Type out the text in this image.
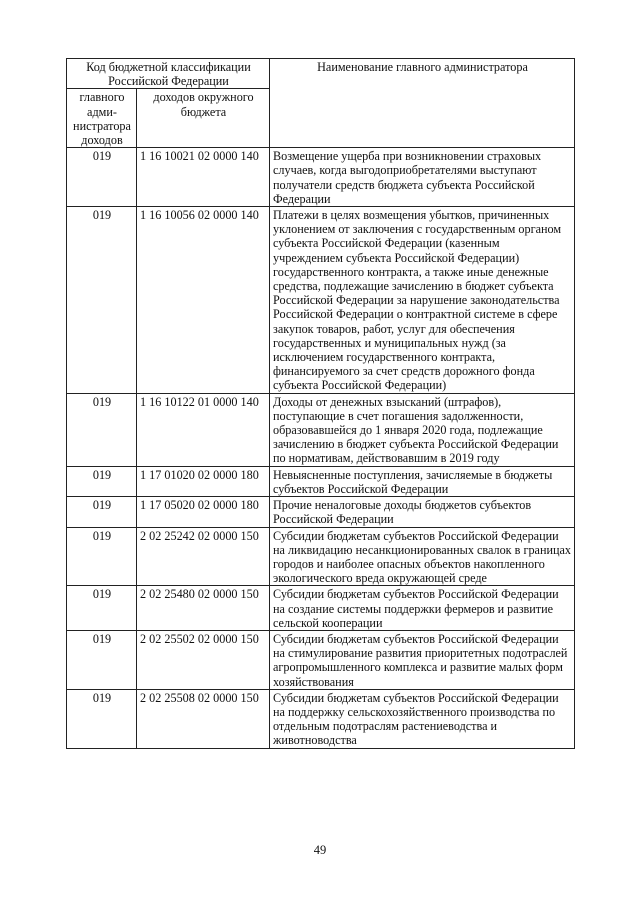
Код бюджетной классификации Российской Федерации		Наименование главного администратора
главного адми-нистратора доходов	доходов окружного бюджета	
019	1 16 10021 02 0000 140	Возмещение ущерба при возникновении страховых случаев, когда выгодоприобретателями выступают получатели средств бюджета субъекта Российской Федерации
019	1 16 10056 02 0000 140	Платежи в целях возмещения убытков, причиненных уклонением от заключения с государственным органом субъекта Российской Федерации (казенным учреждением субъекта Российской Федерации) государственного контракта, а также иные денежные средства, подлежащие зачислению в бюджет субъекта Российской Федерации за нарушение законодательства Российской Федерации о контрактной системе в сфере закупок товаров, работ, услуг для обеспечения государственных и муниципальных нужд (за исключением государственного контракта, финансируемого за счет средств дорожного фонда субъекта Российской Федерации)
019	1 16 10122 01 0000 140	Доходы от денежных взысканий (штрафов), поступающие в счет погашения задолженности, образовавшейся до 1 января 2020 года, подлежащие зачислению в бюджет субъекта Российской Федерации по нормативам, действовавшим в 2019 году
019	1 17 01020 02 0000 180	Невыясненные поступления, зачисляемые в бюджеты субъектов Российской Федерации
019	1 17 05020 02 0000 180	Прочие неналоговые доходы бюджетов субъектов Российской Федерации
019	2 02 25242 02 0000 150	Субсидии бюджетам субъектов Российской Федерации на ликвидацию несанкционированных свалок в границах городов и наиболее опасных объектов накопленного экологического вреда окружающей среде
019	2 02 25480 02 0000 150	Субсидии бюджетам субъектов Российской Федерации на создание системы поддержки фермеров и развитие сельской кооперации
019	2 02 25502 02 0000 150	Субсидии бюджетам субъектов Российской Федерации на стимулирование развития приоритетных подотраслей агропромышленного комплекса и развитие малых форм хозяйствования
019	2 02 25508 02 0000 150	Субсидии бюджетам субъектов Российской Федерации на поддержку сельскохозяйственного производства по отдельным подотраслям растениеводства и животноводства
49
